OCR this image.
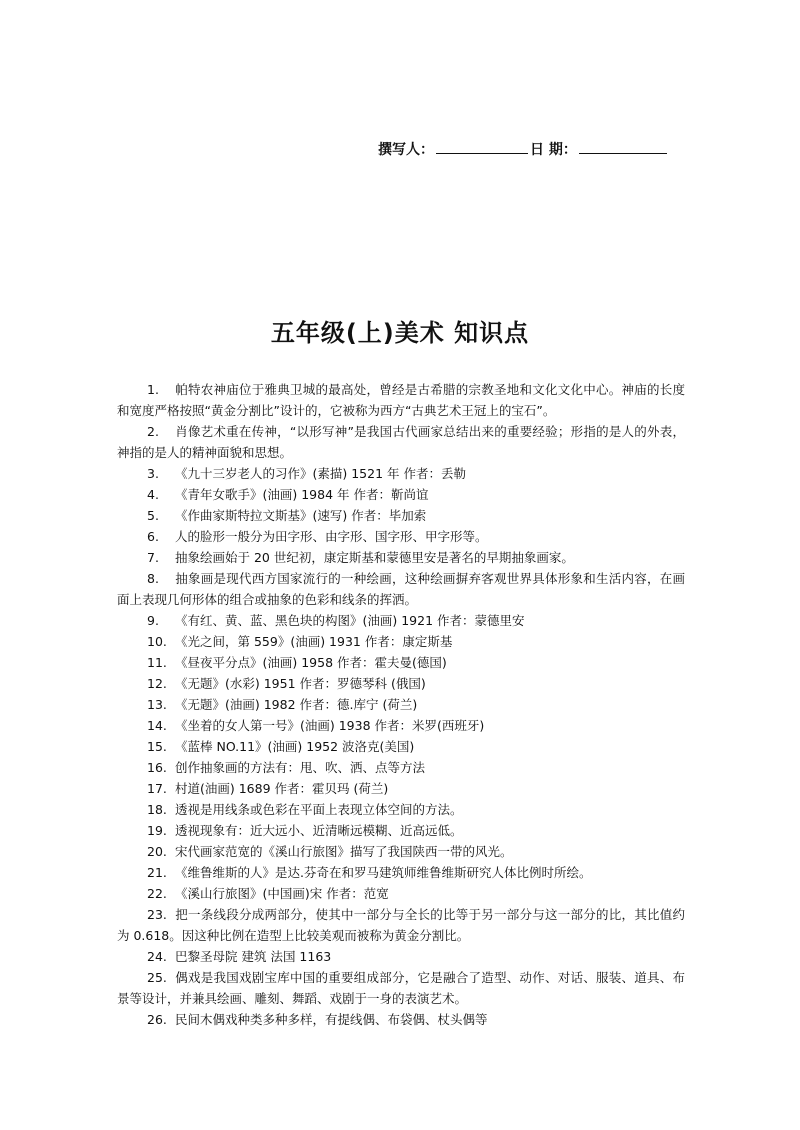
撰写人：	日 期：
五年级(上)美术 知识点
1. 帕特农神庙位于雅典卫城的最高处，曾经是古希腊的宗教圣地和文化文化中心。神庙的长度和宽度严格按照“黄金分割比”设计的，它被称为西方“古典艺术王冠上的宝石”。
2. 肖像艺术重在传神，“以形写神”是我国古代画家总结出来的重要经验；形指的是人的外表，神指的是人的精神面貌和思想。
3. 《九十三岁老人的习作》(素描) 1521 年 作者：丢勒
4. 《青年女歌手》(油画) 1984 年 作者：靳尚谊
5. 《作曲家斯特拉文斯基》(速写) 作者：毕加索
6. 人的脸形一般分为田字形、由字形、国字形、甲字形等。
7. 抽象绘画始于 20 世纪初，康定斯基和蒙德里安是著名的早期抽象画家。
8. 抽象画是现代西方国家流行的一种绘画，这种绘画摒弃客观世界具体形象和生活内容，在画面上表现几何形体的组合或抽象的色彩和线条的挥洒。
9. 《有红、黄、蓝、黑色块的构图》(油画) 1921 作者：蒙德里安
10. 《光之间，第 559》(油画) 1931 作者：康定斯基
11. 《昼夜平分点》(油画) 1958 作者：霍夫曼(德国)
12. 《无题》(水彩) 1951 作者：罗德琴科 (俄国)
13. 《无题》(油画) 1982 作者：德.库宁 (荷兰)
14. 《坐着的女人第一号》(油画) 1938 作者：米罗(西班牙)
15. 《蓝棒 NO.11》(油画) 1952 波洛克(美国)
16. 创作抽象画的方法有：甩、吹、洒、点等方法
17. 村道(油画) 1689 作者：霍贝玛 (荷兰)
18. 透视是用线条或色彩在平面上表现立体空间的方法。
19. 透视现象有：近大远小、近清晰远模糊、近高远低。
20. 宋代画家范宽的《溪山行旅图》描写了我国陕西一带的风光。
21. 《维鲁维斯的人》是达.芬奇在和罗马建筑师维鲁维斯研究人体比例时所绘。
22. 《溪山行旅图》(中国画)宋 作者：范宽
23. 把一条线段分成两部分，使其中一部分与全长的比等于另一部分与这一部分的比，其比值约为 0.618。因这种比例在造型上比较美观而被称为黄金分割比。
24. 巴黎圣母院 建筑 法国 1163
25. 偶戏是我国戏剧宝库中国的重要组成部分，它是融合了造型、动作、对话、服装、道具、布景等设计，并兼具绘画、雕刻、舞蹈、戏剧于一身的表演艺术。
26. 民间木偶戏种类多种多样，有提线偶、布袋偶、杖头偶等
